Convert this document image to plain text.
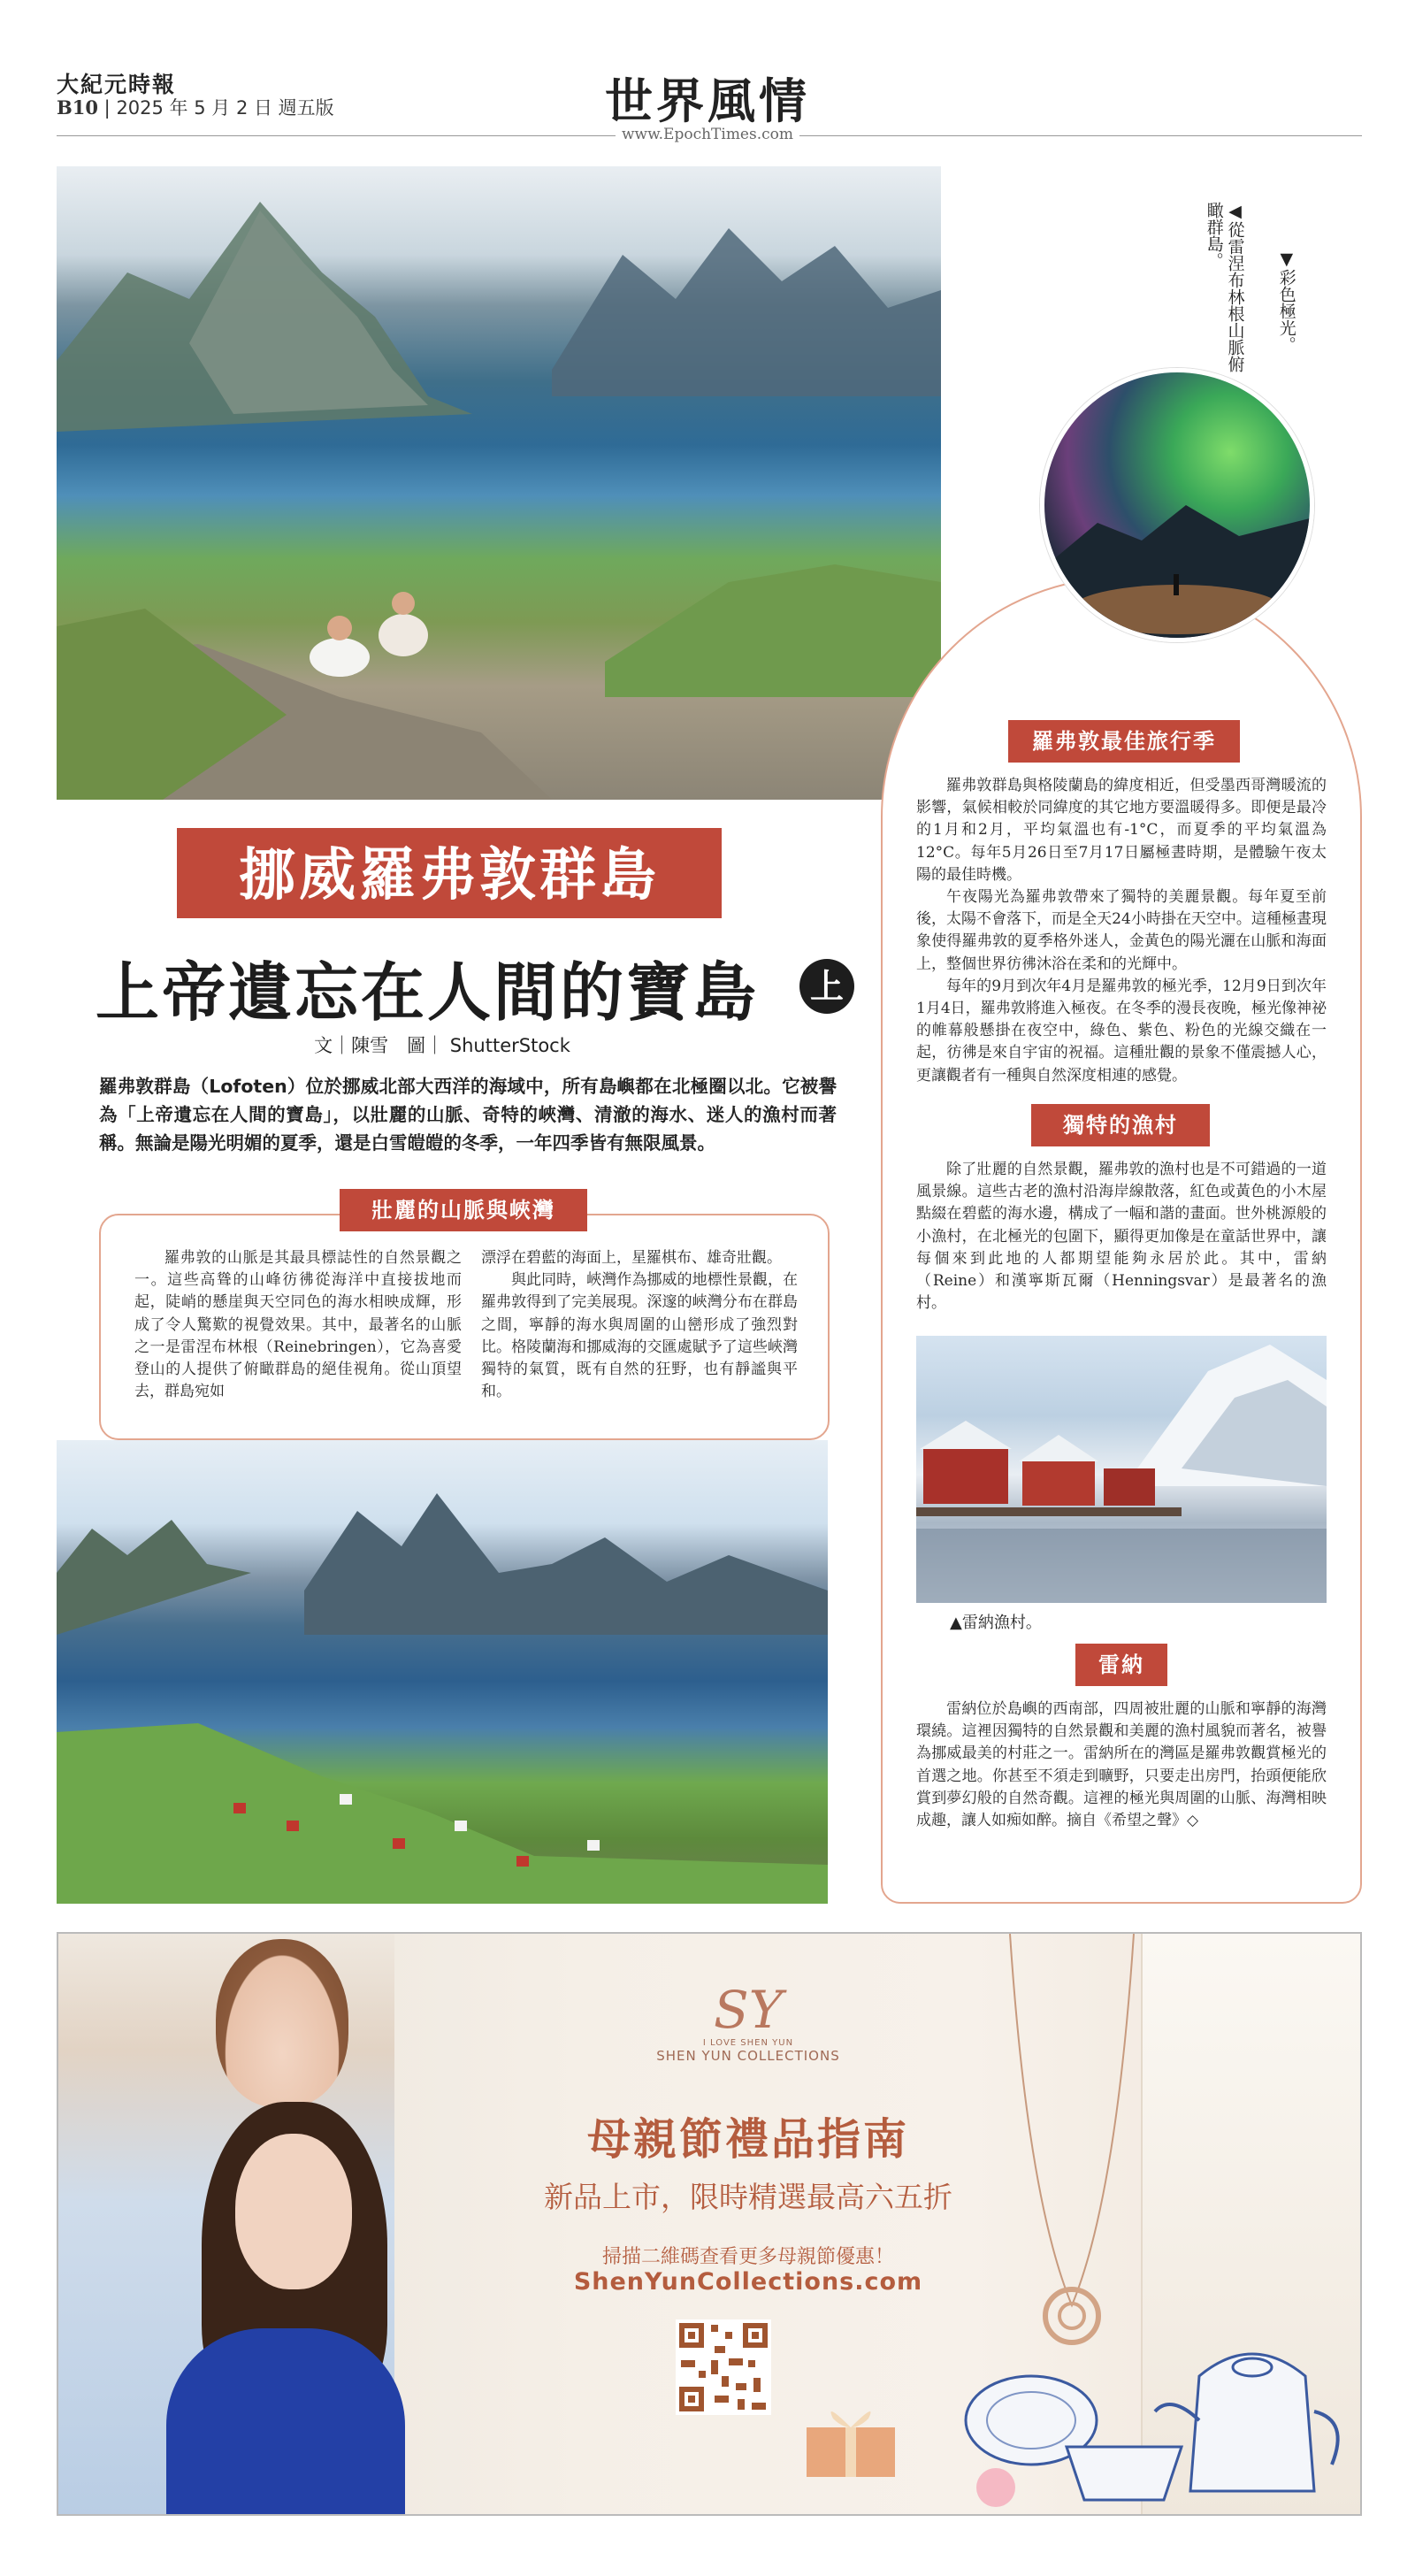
大紀元時報
B10 | 2025 年 5 月 2 日 週五版	世界風情
www.EpochTimes.com
◀從雷涅布林根山脈俯瞰群島。
▼彩色極光。
羅弗敦最佳旅行季

羅弗敦群島與格陵蘭島的緯度相近，但受墨西哥灣暖流的影響，氣候相較於同緯度的其它地方要溫暖得多。即便是最冷的1月和2月，平均氣溫也有-1°C，而夏季的平均氣溫為12°C。每年5月26日至7月17日屬極晝時期，是體驗午夜太陽的最佳時機。

午夜陽光為羅弗敦帶來了獨特的美麗景觀。每年夏至前後，太陽不會落下，而是全天24小時掛在天空中。這種極晝現象使得羅弗敦的夏季格外迷人，金黃色的陽光灑在山脈和海面上，整個世界彷彿沐浴在柔和的光輝中。

每年的9月到次年4月是羅弗敦的極光季，12月9日到次年1月4日，羅弗敦將進入極夜。在冬季的漫長夜晚，極光像神祕的帷幕般懸掛在夜空中，綠色、紫色、粉色的光線交織在一起，彷彿是來自宇宙的祝福。這種壯觀的景象不僅震撼人心，更讓觀者有一種與自然深度相連的感覺。

獨特的漁村

除了壯麗的自然景觀，羅弗敦的漁村也是不可錯過的一道風景線。這些古老的漁村沿海岸線散落，紅色或黃色的小木屋點綴在碧藍的海水邊，構成了一幅和諧的畫面。世外桃源般的小漁村，在北極光的包圍下，顯得更加像是在童話世界中，讓每個來到此地的人都期望能夠永居於此。其中，雷納（Reine）和漢寧斯瓦爾（Henningsvar）是最著名的漁村。

▲雷納漁村。
雷納

雷納位於島嶼的西南部，四周被壯麗的山脈和寧靜的海灣環繞。這裡因獨特的自然景觀和美麗的漁村風貌而著名，被譽為挪威最美的村莊之一。雷納所在的灣區是羅弗敦觀賞極光的首選之地。你甚至不須走到曠野，只要走出房門，抬頭便能欣賞到夢幻般的自然奇觀。這裡的極光與周圍的山脈、海灣相映成趣，讓人如痴如醉。摘自《希望之聲》◇

挪威羅弗敦群島
上帝遺忘在人間的寶島	上
文｜陳雪　圖｜ ShutterStock
羅弗敦群島（Lofoten）位於挪威北部大西洋的海域中，所有島嶼都在北極圈以北。它被譽為「上帝遺忘在人間的寶島」，以壯麗的山脈、奇特的峽灣、清澈的海水、迷人的漁村而著稱。無論是陽光明媚的夏季，還是白雪皚皚的冬季，一年四季皆有無限風景。
壯麗的山脈與峽灣

羅弗敦的山脈是其最具標誌性的自然景觀之一。這些高聳的山峰彷彿從海洋中直接拔地而起，陡峭的懸崖與天空同色的海水相映成輝，形成了令人驚歎的視覺效果。其中，最著名的山脈之一是雷涅布林根（Reinebringen），它為喜愛登山的人提供了俯瞰群島的絕佳視角。從山頂望去，群島宛如

漂浮在碧藍的海面上，星羅棋布、雄奇壯觀。

與此同時，峽灣作為挪威的地標性景觀，在羅弗敦得到了完美展現。深邃的峽灣分布在群島之間，寧靜的海水與周圍的山巒形成了強烈對比。格陵蘭海和挪威海的交匯處賦予了這些峽灣獨特的氣質，既有自然的狂野，也有靜謐與平和。

SY
I LOVE SHEN YUN
SHEN YUN COLLECTIONS
母親節禮品指南
新品上市，限時精選最高六五折
掃描二維碼查看更多母親節優惠！
ShenYunCollections.com
